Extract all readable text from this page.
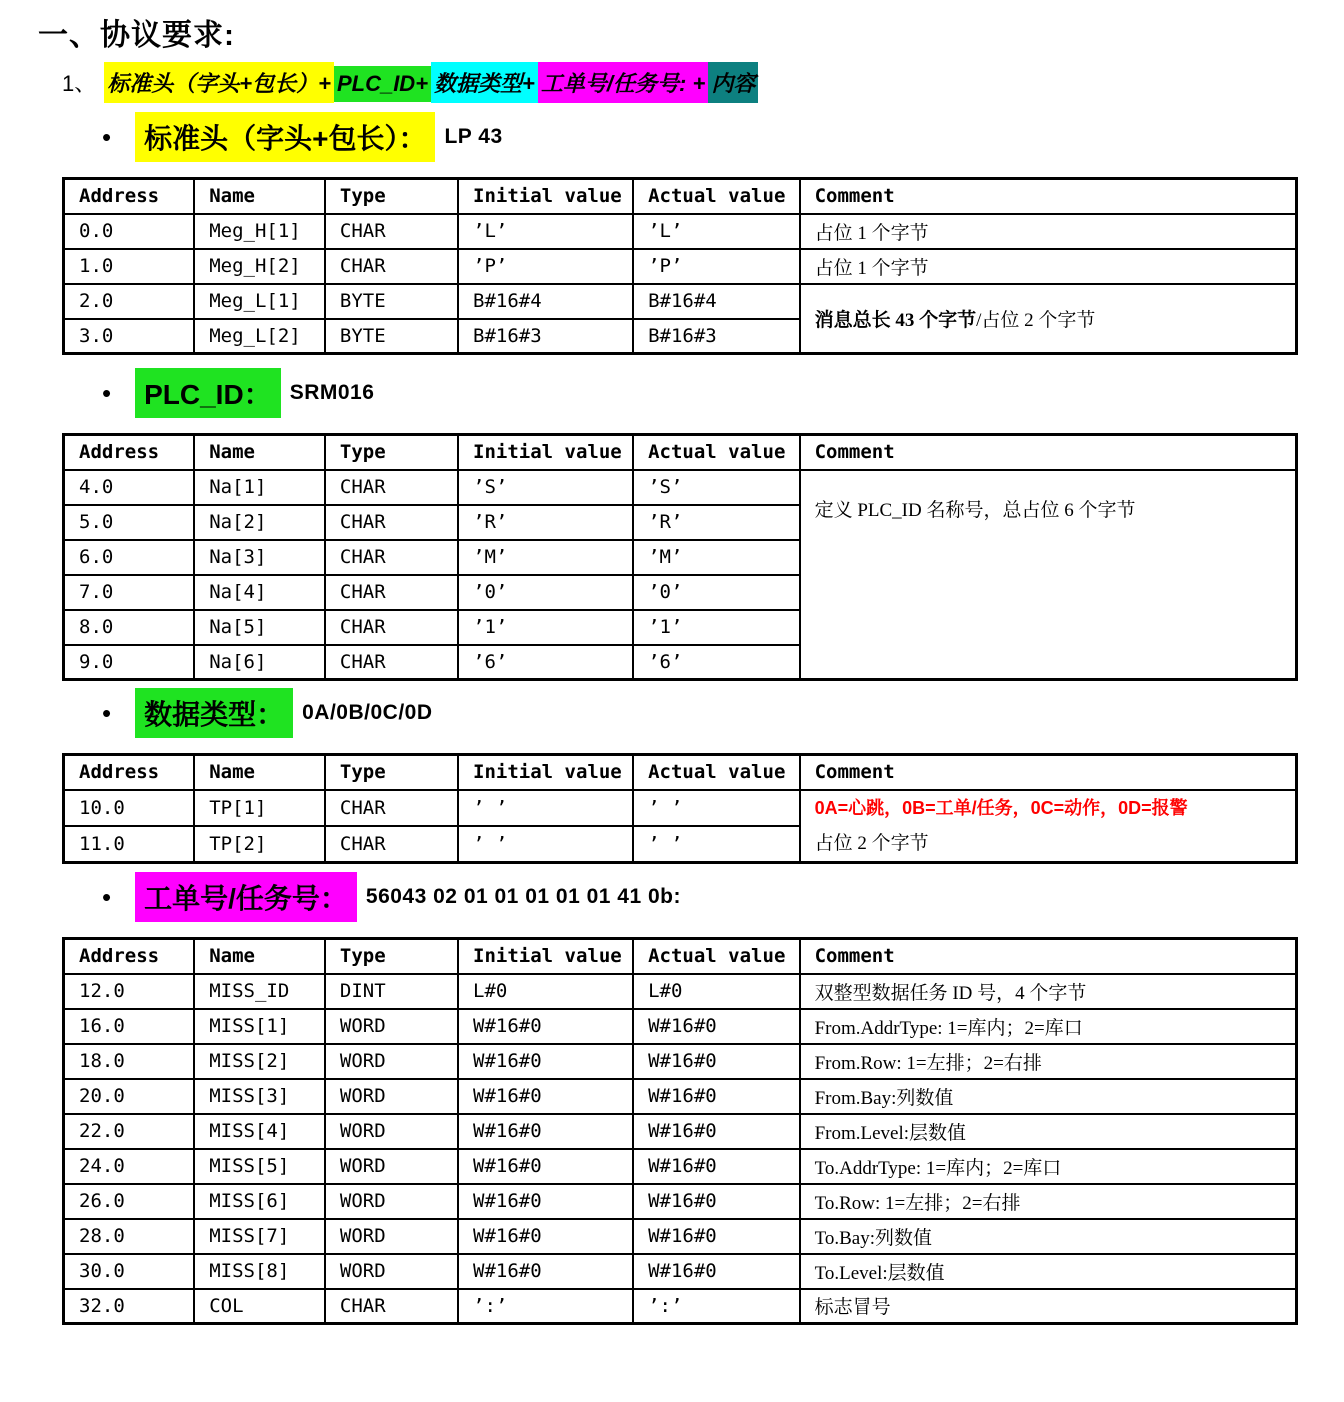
一、协议要求:
1、 标准头（字头+包长）+ PLC_ID+ 数据类型+ 工单号/任务号: + 内容
•	标准头（字头+包长）： LP 43
Address	Name	Type	Initial value	Actual value	Comment
0.0	Meg_H[1]	CHAR	’L’	’L’	占位 1 个字节

1.0	Meg_H[2]	CHAR	’P’	’P’	占位 1 个字节

2.0	Meg_L[1]	BYTE	B#16#4	B#16#4	消息总长 43 个字节/占位 2 个字节

3.0	Meg_L[2]	BYTE	B#16#3	B#16#3	
•	PLC_ID： SRM016
Address	Name	Type	Initial value	Actual value	Comment
4.0	Na[1]	CHAR	’S’	’S’	定义 PLC_ID 名称号，总占位 6 个字节

5.0	Na[2]	CHAR	’R’	’R’	
6.0	Na[3]	CHAR	’M’	’M’	
7.0	Na[4]	CHAR	’0’	’0’	
8.0	Na[5]	CHAR	’1’	’1’	
9.0	Na[6]	CHAR	’6’	’6’	
•	数据类型： 0A/0B/0C/0D
Address	Name	Type	Initial value	Actual value	Comment
10.0	TP[1]	CHAR	’ ’	’ ’	0A=心跳，0B=工单/任务，0C=动作，0D=报警
占位 2 个字节

11.0	TP[2]	CHAR	’ ’	’ ’	
•	工单号/任务号： 56043 02 01 01 01 01 01 41 0b:
Address	Name	Type	Initial value	Actual value	Comment
12.0	MISS_ID	DINT	L#0	L#0	双整型数据任务 ID 号，4 个字节

16.0	MISS[1]	WORD	W#16#0	W#16#0	From.AddrType: 1=库内；2=库口

18.0	MISS[2]	WORD	W#16#0	W#16#0	From.Row: 1=左排；2=右排

20.0	MISS[3]	WORD	W#16#0	W#16#0	From.Bay:列数值

22.0	MISS[4]	WORD	W#16#0	W#16#0	From.Level:层数值

24.0	MISS[5]	WORD	W#16#0	W#16#0	To.AddrType: 1=库内；2=库口

26.0	MISS[6]	WORD	W#16#0	W#16#0	To.Row: 1=左排；2=右排

28.0	MISS[7]	WORD	W#16#0	W#16#0	To.Bay:列数值

30.0	MISS[8]	WORD	W#16#0	W#16#0	To.Level:层数值

32.0	COL	CHAR	’:’	’:’	标志冒号
